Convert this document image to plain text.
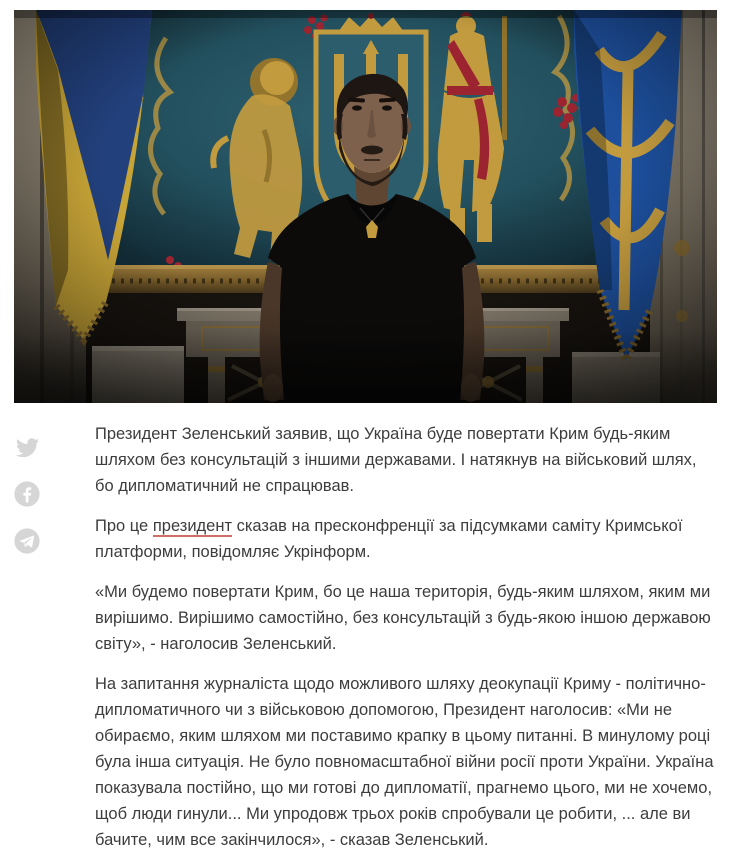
Президент Зеленський заявив, що Україна буде повертати Крим будь-яким шляхом без консультацій з іншими державами. І натякнув на військовий шлях, бо дипломатичний не спрацював.

Про це президент сказав на пресконфренції за підсумками саміту Кримської платформи, повідомляє Укрінформ.

«Ми будемо повертати Крим, бо це наша територія, будь-яким шляхом, яким ми вирішимо. Вирішимо самостійно, без консультацій з будь-якою іншою державою світу», - наголосив Зеленський.

На запитання журналіста щодо можливого шляху деокупації Криму - політично-дипломатичного чи з військовою допомогою, Президент наголосив: «Ми не обираємо, яким шляхом ми поставимо крапку в цьому питанні. В минулому році була інша ситуація. Не було повномасштабної війни росії проти України. Україна показувала постійно, що ми готові до дипломатії, прагнемо цього, ми не хочемо, щоб люди гинули... Ми упродовж трьох років спробували це робити, ... але ви бачите, чим все закінчилося», - сказав Зеленський.
